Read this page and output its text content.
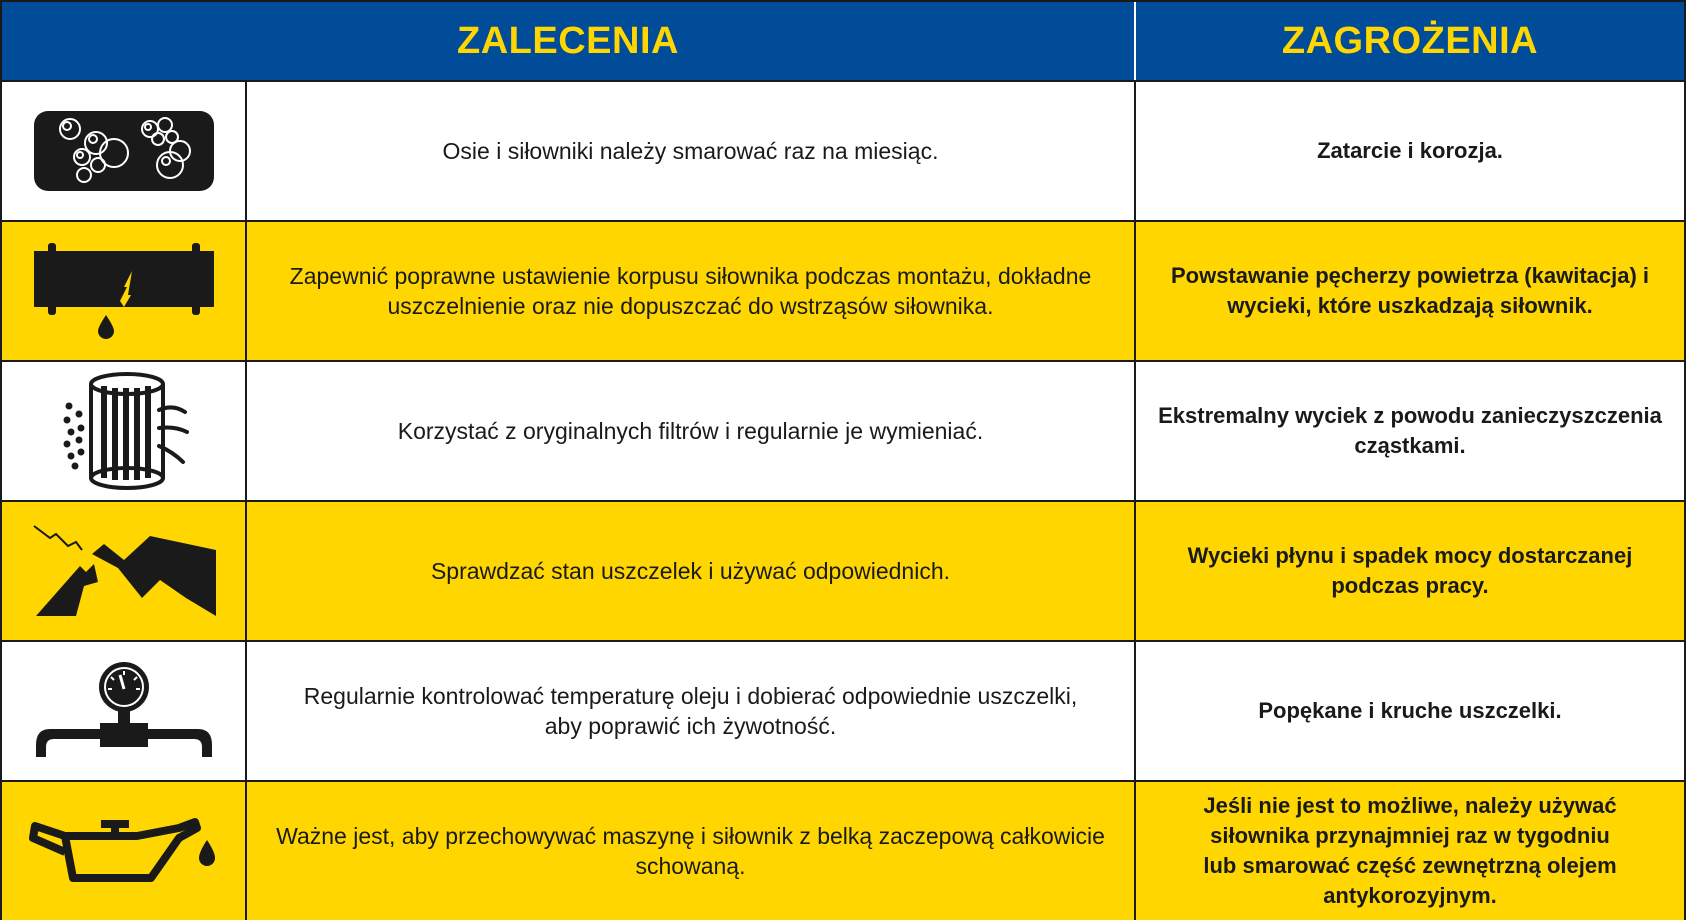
ZALECENIA	ZAGROŻENIA
Osie i siłowniki należy smarować raz na miesiąc.	Zatarcie i korozja.
Zapewnić poprawne ustawienie korpusu siłownika podczas montażu, dokładne
uszczelnienie oraz nie dopuszczać do wstrząsów siłownika.
Powstawanie pęcherzy powietrza (kawitacja) i
wycieki, które uszkadzają siłownik.
Korzystać z oryginalnych filtrów i regularnie je wymieniać.
Ekstremalny wyciek z powodu zanieczyszczenia
cząstkami.
Sprawdzać stan uszczelek i używać odpowiednich.
Wycieki płynu i spadek mocy dostarczanej
podczas pracy.
Regularnie kontrolować temperaturę oleju i dobierać odpowiednie uszczelki,
aby poprawić ich żywotność.
Popękane i kruche uszczelki.
Ważne jest, aby przechowywać maszynę i siłownik z belką zaczepową całkowicie
schowaną.
Jeśli nie jest to możliwe, należy używać
siłownika przynajmniej raz w tygodniu
lub smarować część zewnętrzną olejem
antykorozyjnym.
